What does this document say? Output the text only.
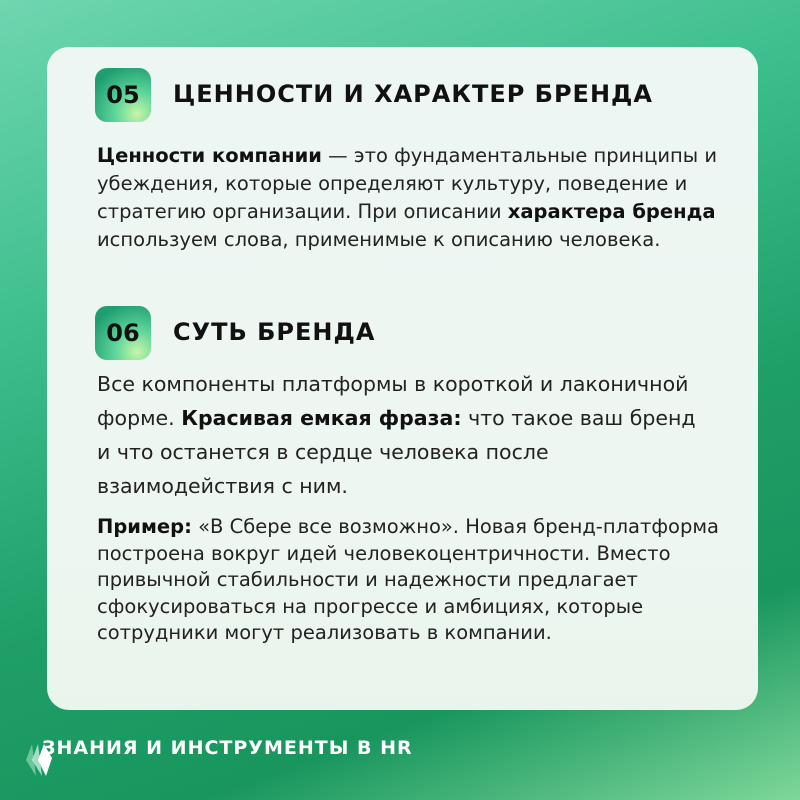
05	ЦЕННОСТИ И ХАРАКТЕР БРЕНДА
Ценности компании — это фундаментальные принципы и убеждения, которые определяют культуру, поведение и стратегию организации. При описании характера бренда используем слова, применимые к описанию человека.
06	СУТЬ БРЕНДА
Все компоненты платформы в короткой и лаконичной форме. Красивая емкая фраза: что такое ваш бренд и что останется в сердце человека после взаимодействия с ним.
Пример: «В Сбере все возможно». Новая бренд-платформа построена вокруг идей человекоцентричности. Вместо привычной стабильности и надежности предлагает сфокусироваться на прогрессе и амбициях, которые сотрудники могут реализовать в компании.
ЗНАНИЯ И ИНСТРУМЕНТЫ В HR
